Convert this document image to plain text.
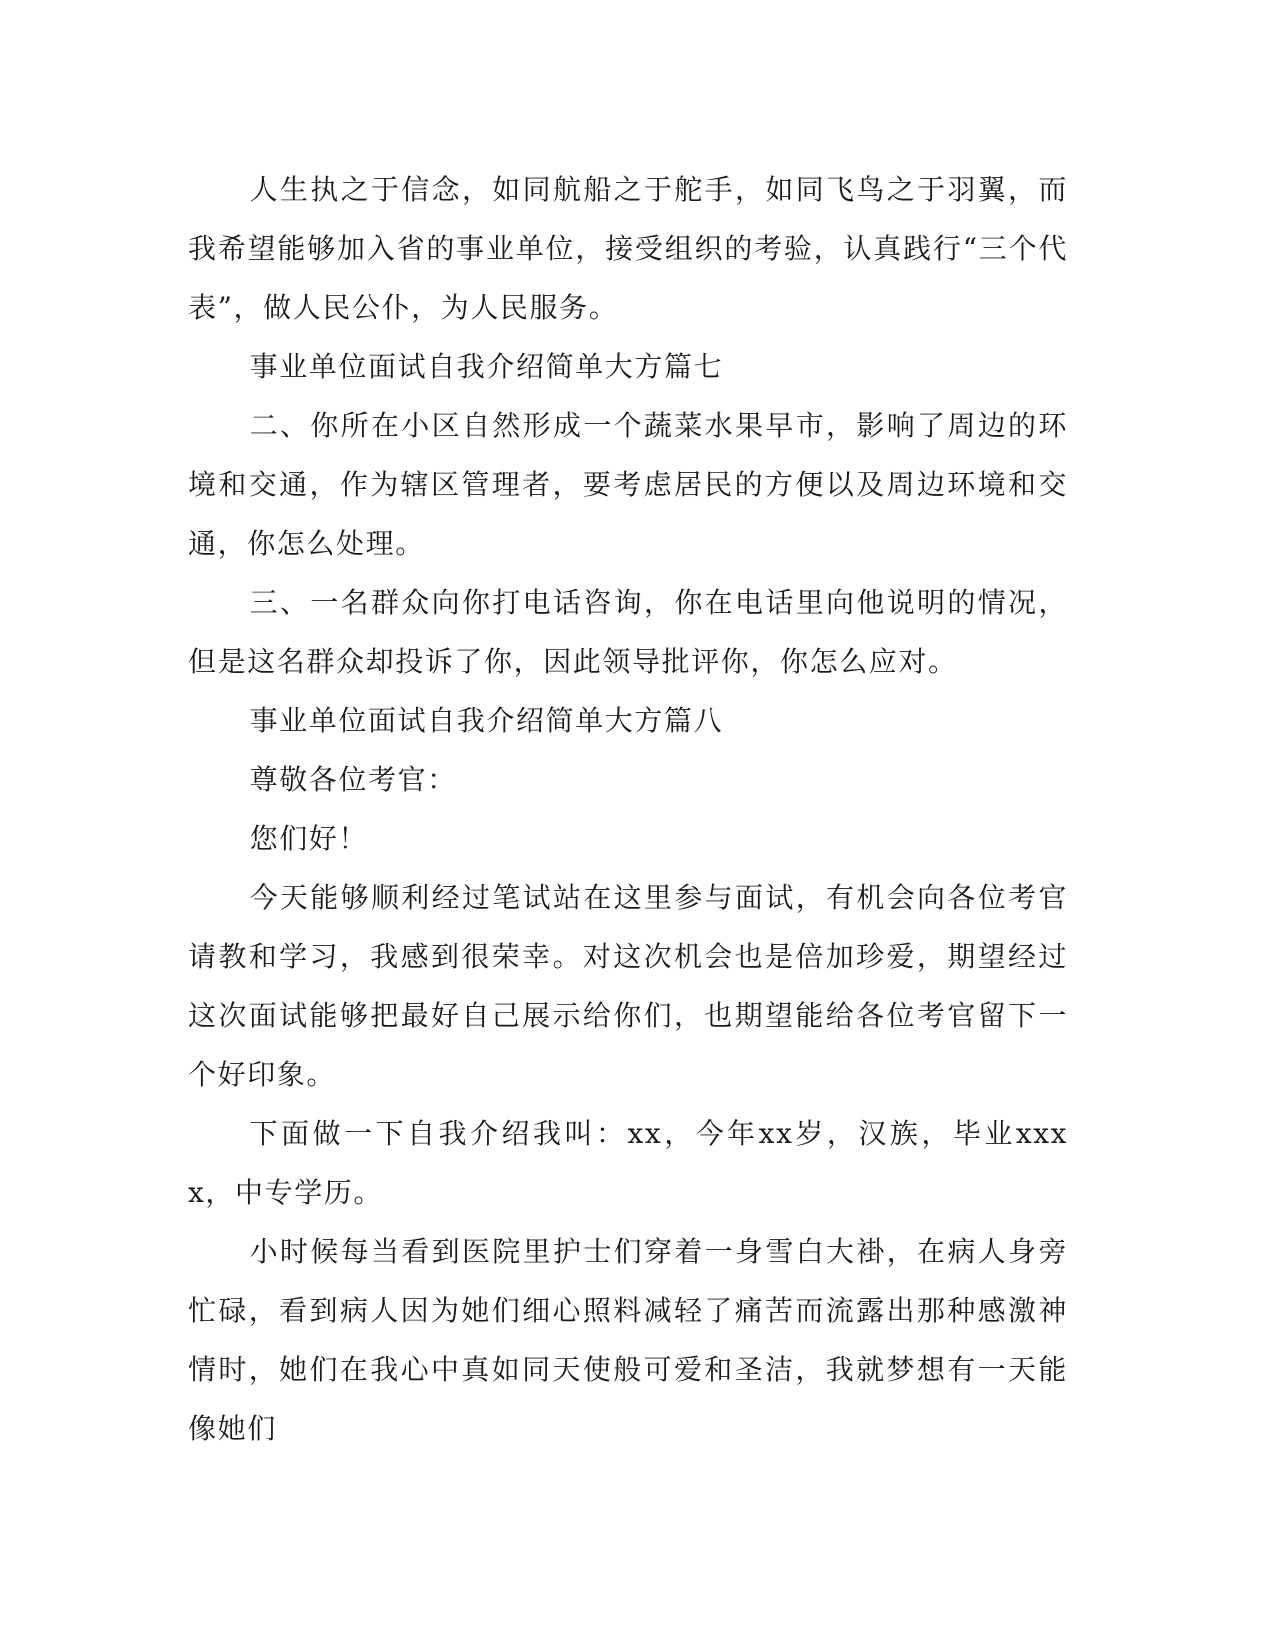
人生执之于信念，如同航船之于舵手，如同飞鸟之于羽翼，而我希望能够加入省的事业单位，接受组织的考验，认真践行“三个代表”，做人民公仆，为人民服务。

事业单位面试自我介绍简单大方篇七

二、你所在小区自然形成一个蔬菜水果早市，影响了周边的环境和交通，作为辖区管理者，要考虑居民的方便以及周边环境和交通，你怎么处理。

三、一名群众向你打电话咨询，你在电话里向他说明的情况，但是这名群众却投诉了你，因此领导批评你，你怎么应对。

事业单位面试自我介绍简单大方篇八

尊敬各位考官：

您们好！

今天能够顺利经过笔试站在这里参与面试，有机会向各位考官请教和学习，我感到很荣幸。对这次机会也是倍加珍爱，期望经过这次面试能够把最好自己展示给你们，也期望能给各位考官留下一个好印象。

下面做一下自我介绍我叫：xx，今年xx岁，汉族，毕业xxxx，中专学历。

小时候每当看到医院里护士们穿着一身雪白大褂，在病人身旁忙碌，看到病人因为她们细心照料减轻了痛苦而流露出那种感激神情时，她们在我心中真如同天使般可爱和圣洁，我就梦想有一天能像她们
